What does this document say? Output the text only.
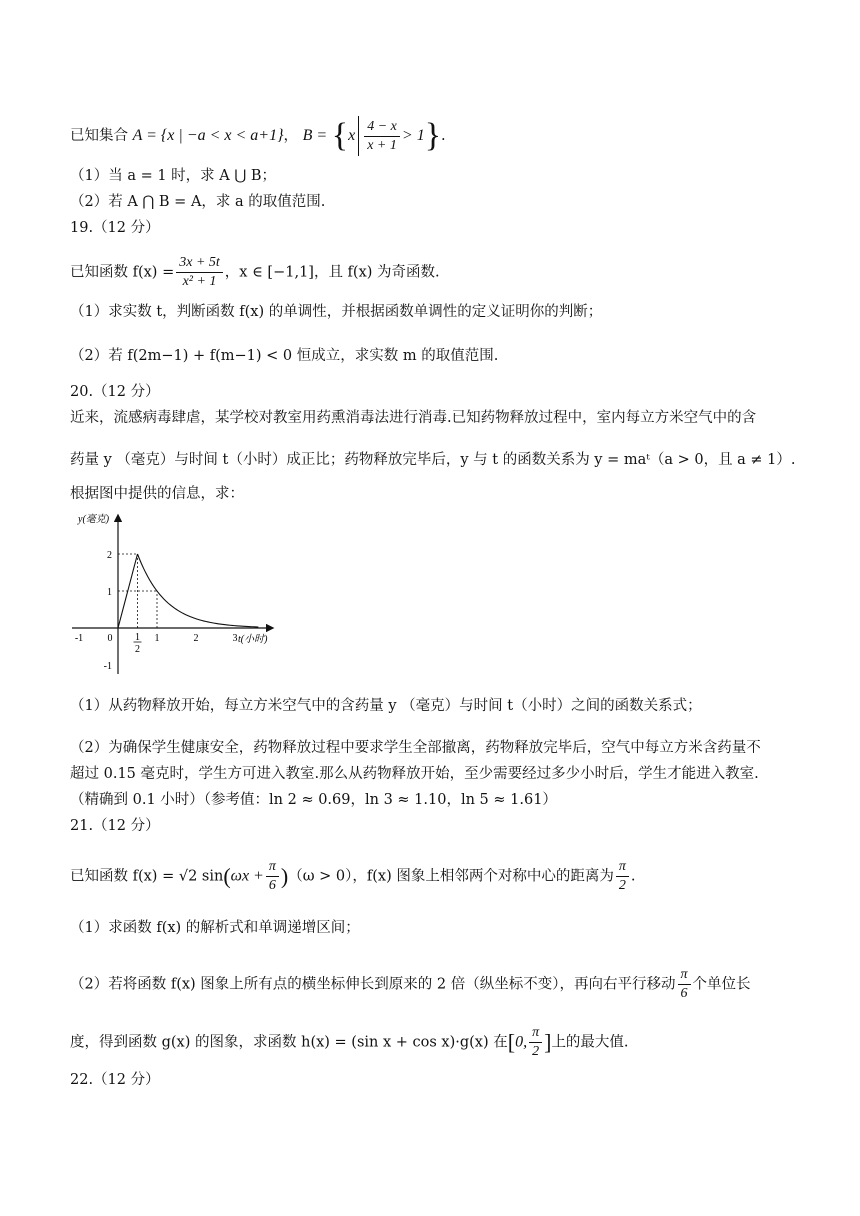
已知集合 A = {x | −a < x < a+1}， $B = \{x \frac{4 - x}{x + 1} > 1\}$.
（1）当 a = 1 时，求 A ⋃ B；
（2）若 A ⋂ B = A，求 a 的取值范围.
19.（12 分）
已知函数 $f(x) = \frac{3x + 5t}{\text{x² + 1}}$ ，x ∈ [−1,1]，且 f(x) 为奇函数.
（1）求实数 t，判断函数 f(x) 的单调性，并根据函数单调性的定义证明你的判断；
（2）若 f(2m−1) + f(m−1) < 0 恒成立，求实数 m 的取值范围.
20.（12 分）
近来，流感病毒肆虐，某学校对教室用药熏消毒法进行消毒.已知药物释放过程中，室内每立方米空气中的含
药量 y （毫克）与时间 t（小时）成正比；药物释放完毕后，y 与 t 的函数关系为 y = maᵗ（a > 0，且 a ≠ 1）.
根据图中提供的信息，求：
y(毫克)
t(小时)
-1 0 1
2
1	2	3
2
1
-1
（1）从药物释放开始，每立方米空气中的含药量 y （毫克）与时间 t（小时）之间的函数关系式；
（2）为确保学生健康安全，药物释放过程中要求学生全部撤离，药物释放完毕后，空气中每立方米含药量不
超过 0.15 毫克时，学生方可进入教室.那么从药物释放开始，至少需要经过多少小时后，学生才能进入教室.
（精确到 0.1 小时）（参考值：ln 2 ≈ 0.69，ln 3 ≈ 1.10，ln 5 ≈ 1.61）
21.（12 分）
已知函数 f(x) = √2 $\sin(\omega x + \frac{\pi}{6} )(\omega > 0)$，f(x) 图象上相邻两个对称中心的距离为 $\frac{\pi}{2}$ .
（1）求函数 f(x) 的解析式和单调递增区间；
（2）若将函数 f(x) 图象上所有点的横坐标伸长到原来的 2 倍（纵坐标不变），再向右平行移动 $\frac{\pi}{6}$ 个单位长
度，得到函数 g(x) 的图象，求函数 h(x) = (sin x + cos x)·g(x) 在[0, $\frac{\pi}{2}$ ]上的最大值.
22.（12 分）
